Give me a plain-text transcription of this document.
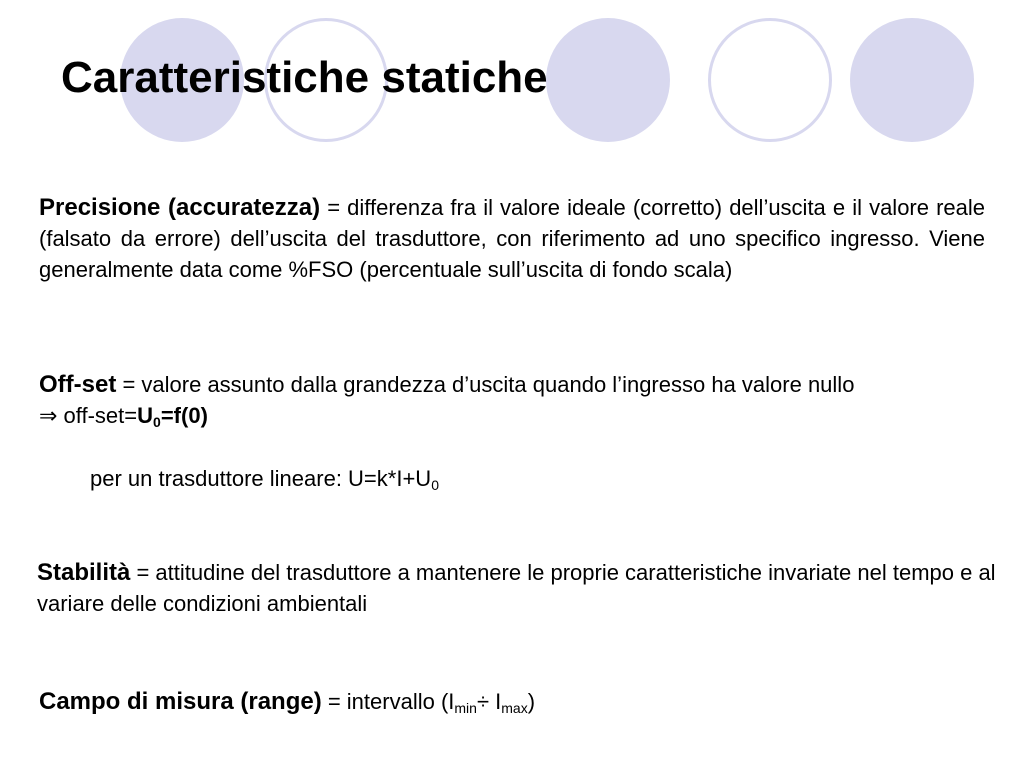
Caratteristiche statiche
Precisione (accuratezza) = differenza fra il valore ideale (corretto) dell’uscita e il valore reale (falsato da errore) dell’uscita del trasduttore, con riferimento ad uno specifico ingresso. Viene generalmente data come %FSO (percentuale sull’uscita di fondo scala)
Off-set = valore assunto dalla grandezza d’uscita quando l’ingresso ha valore nullo
⇒ off-$set=U_0=f(0)$
per un trasduttore lineare: $U=k*I+U_0$
Stabilità = attitudine del trasduttore a mantenere le proprie caratteristiche invariate nel tempo e al variare delle condizioni ambientali
Campo di misura (range) = intervallo $(I_{min}\div I_{max})$
